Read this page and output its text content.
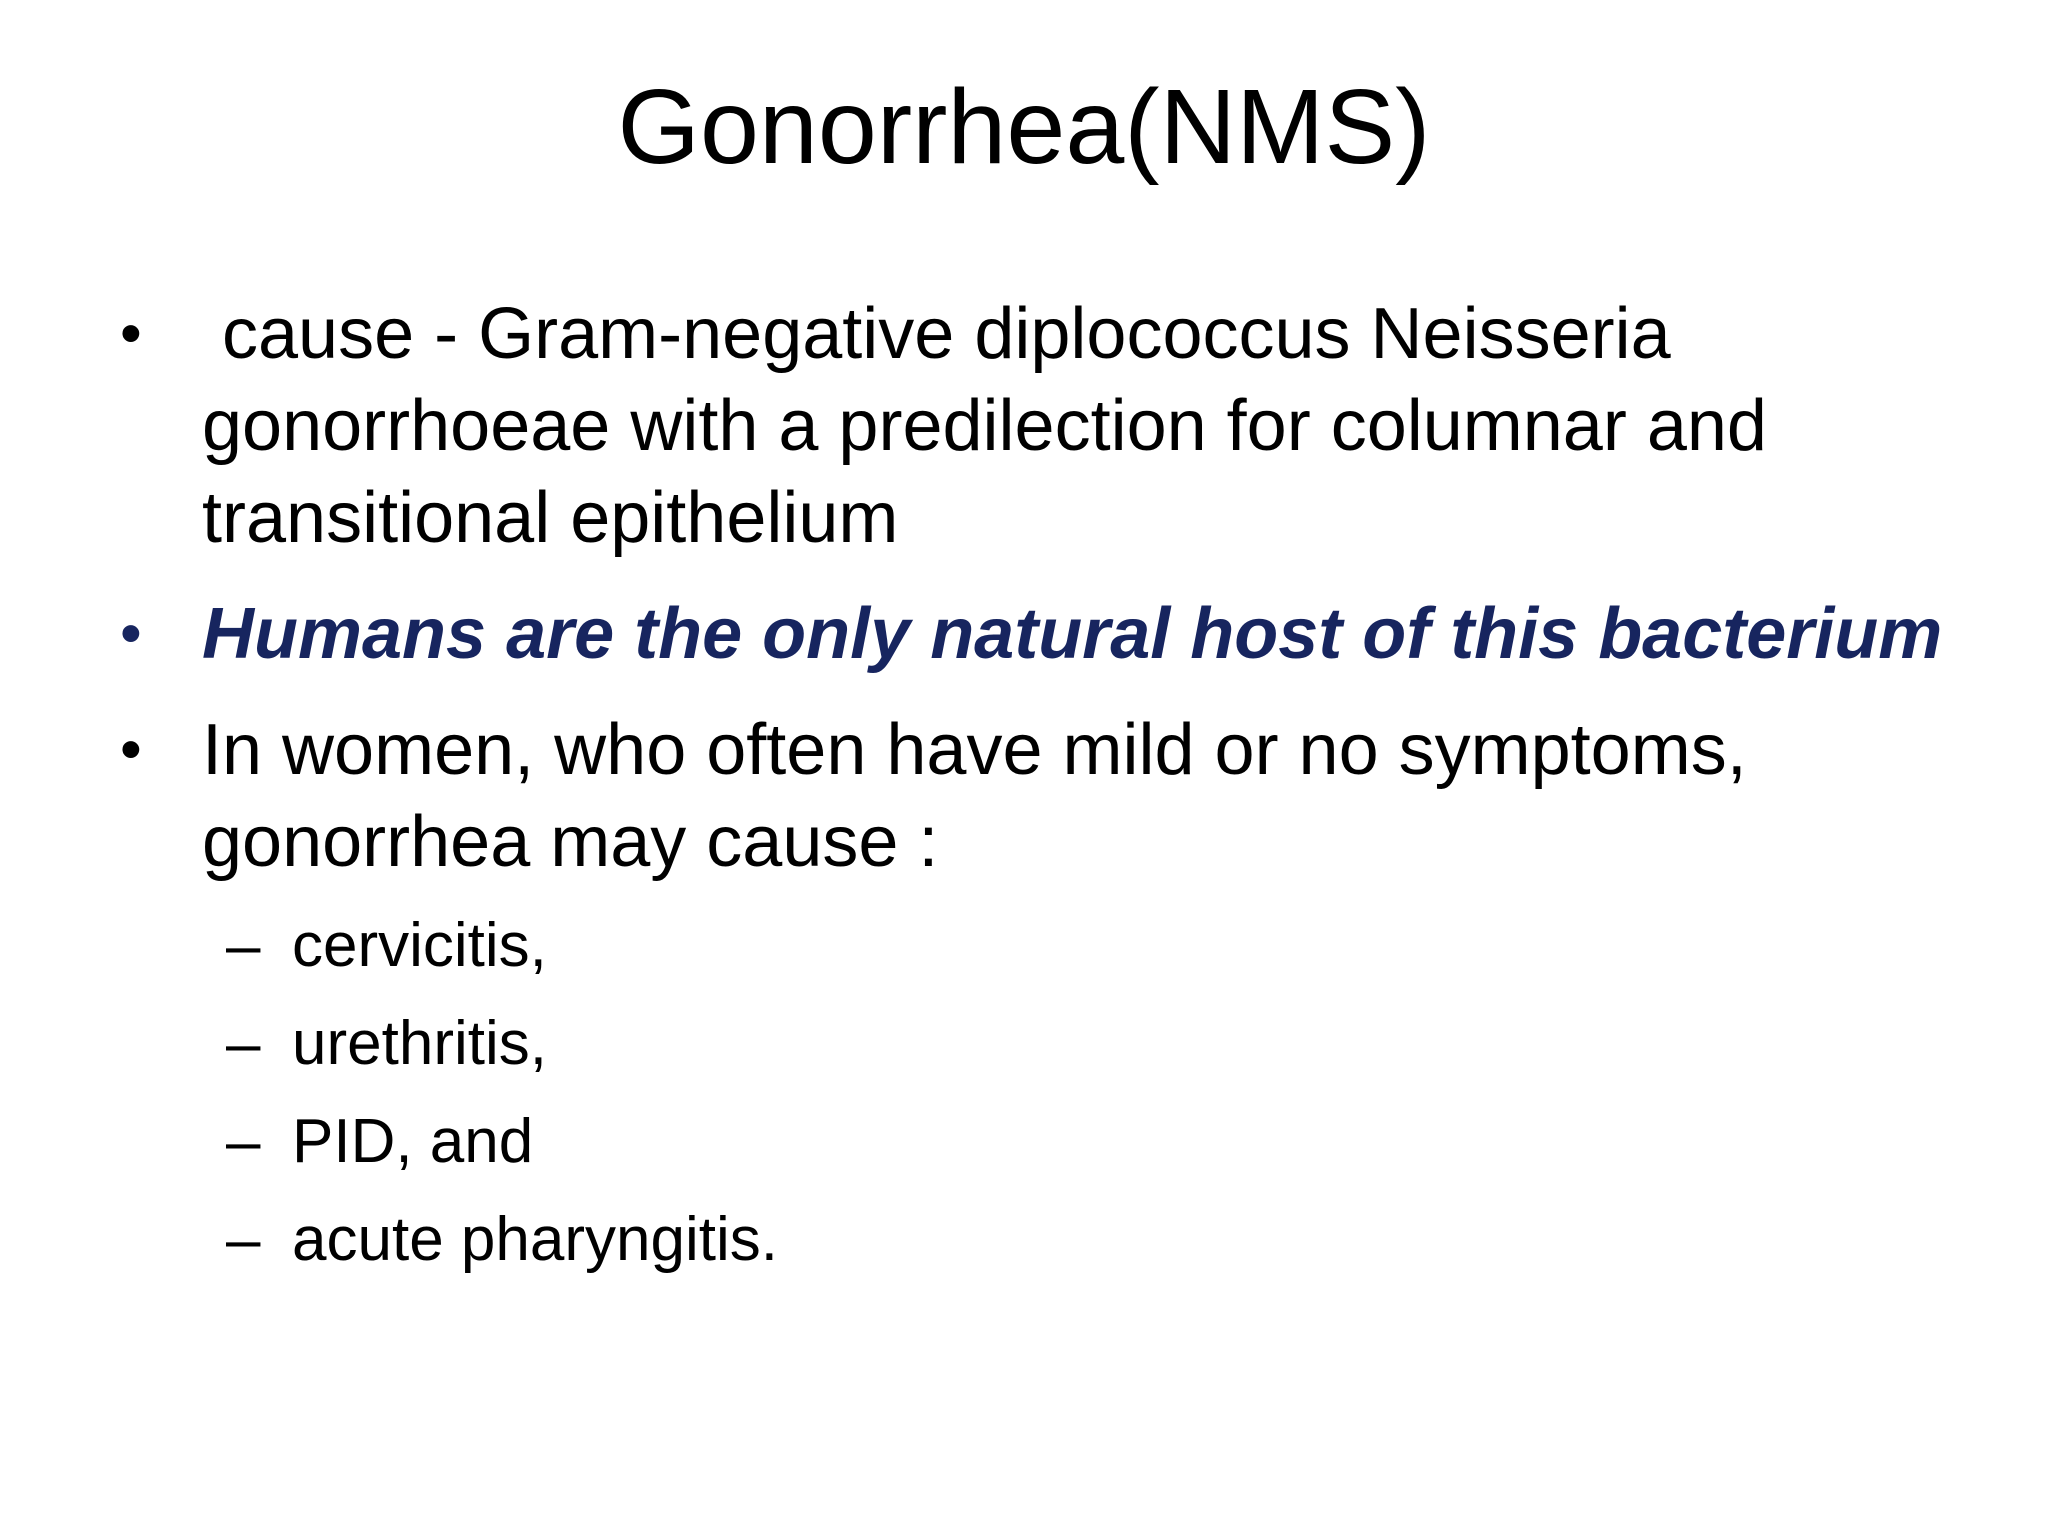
Gonorrhea(NMS)
• cause - Gram-negative diplococcus Neisseria gonorrhoeae with a predilection for columnar and transitional epithelium
• Humans are the only natural host of this bacterium
• In women, who often have mild or no symptoms, gonorrhea may cause :
– cervicitis,
– urethritis,
– PID, and
– acute pharyngitis.
